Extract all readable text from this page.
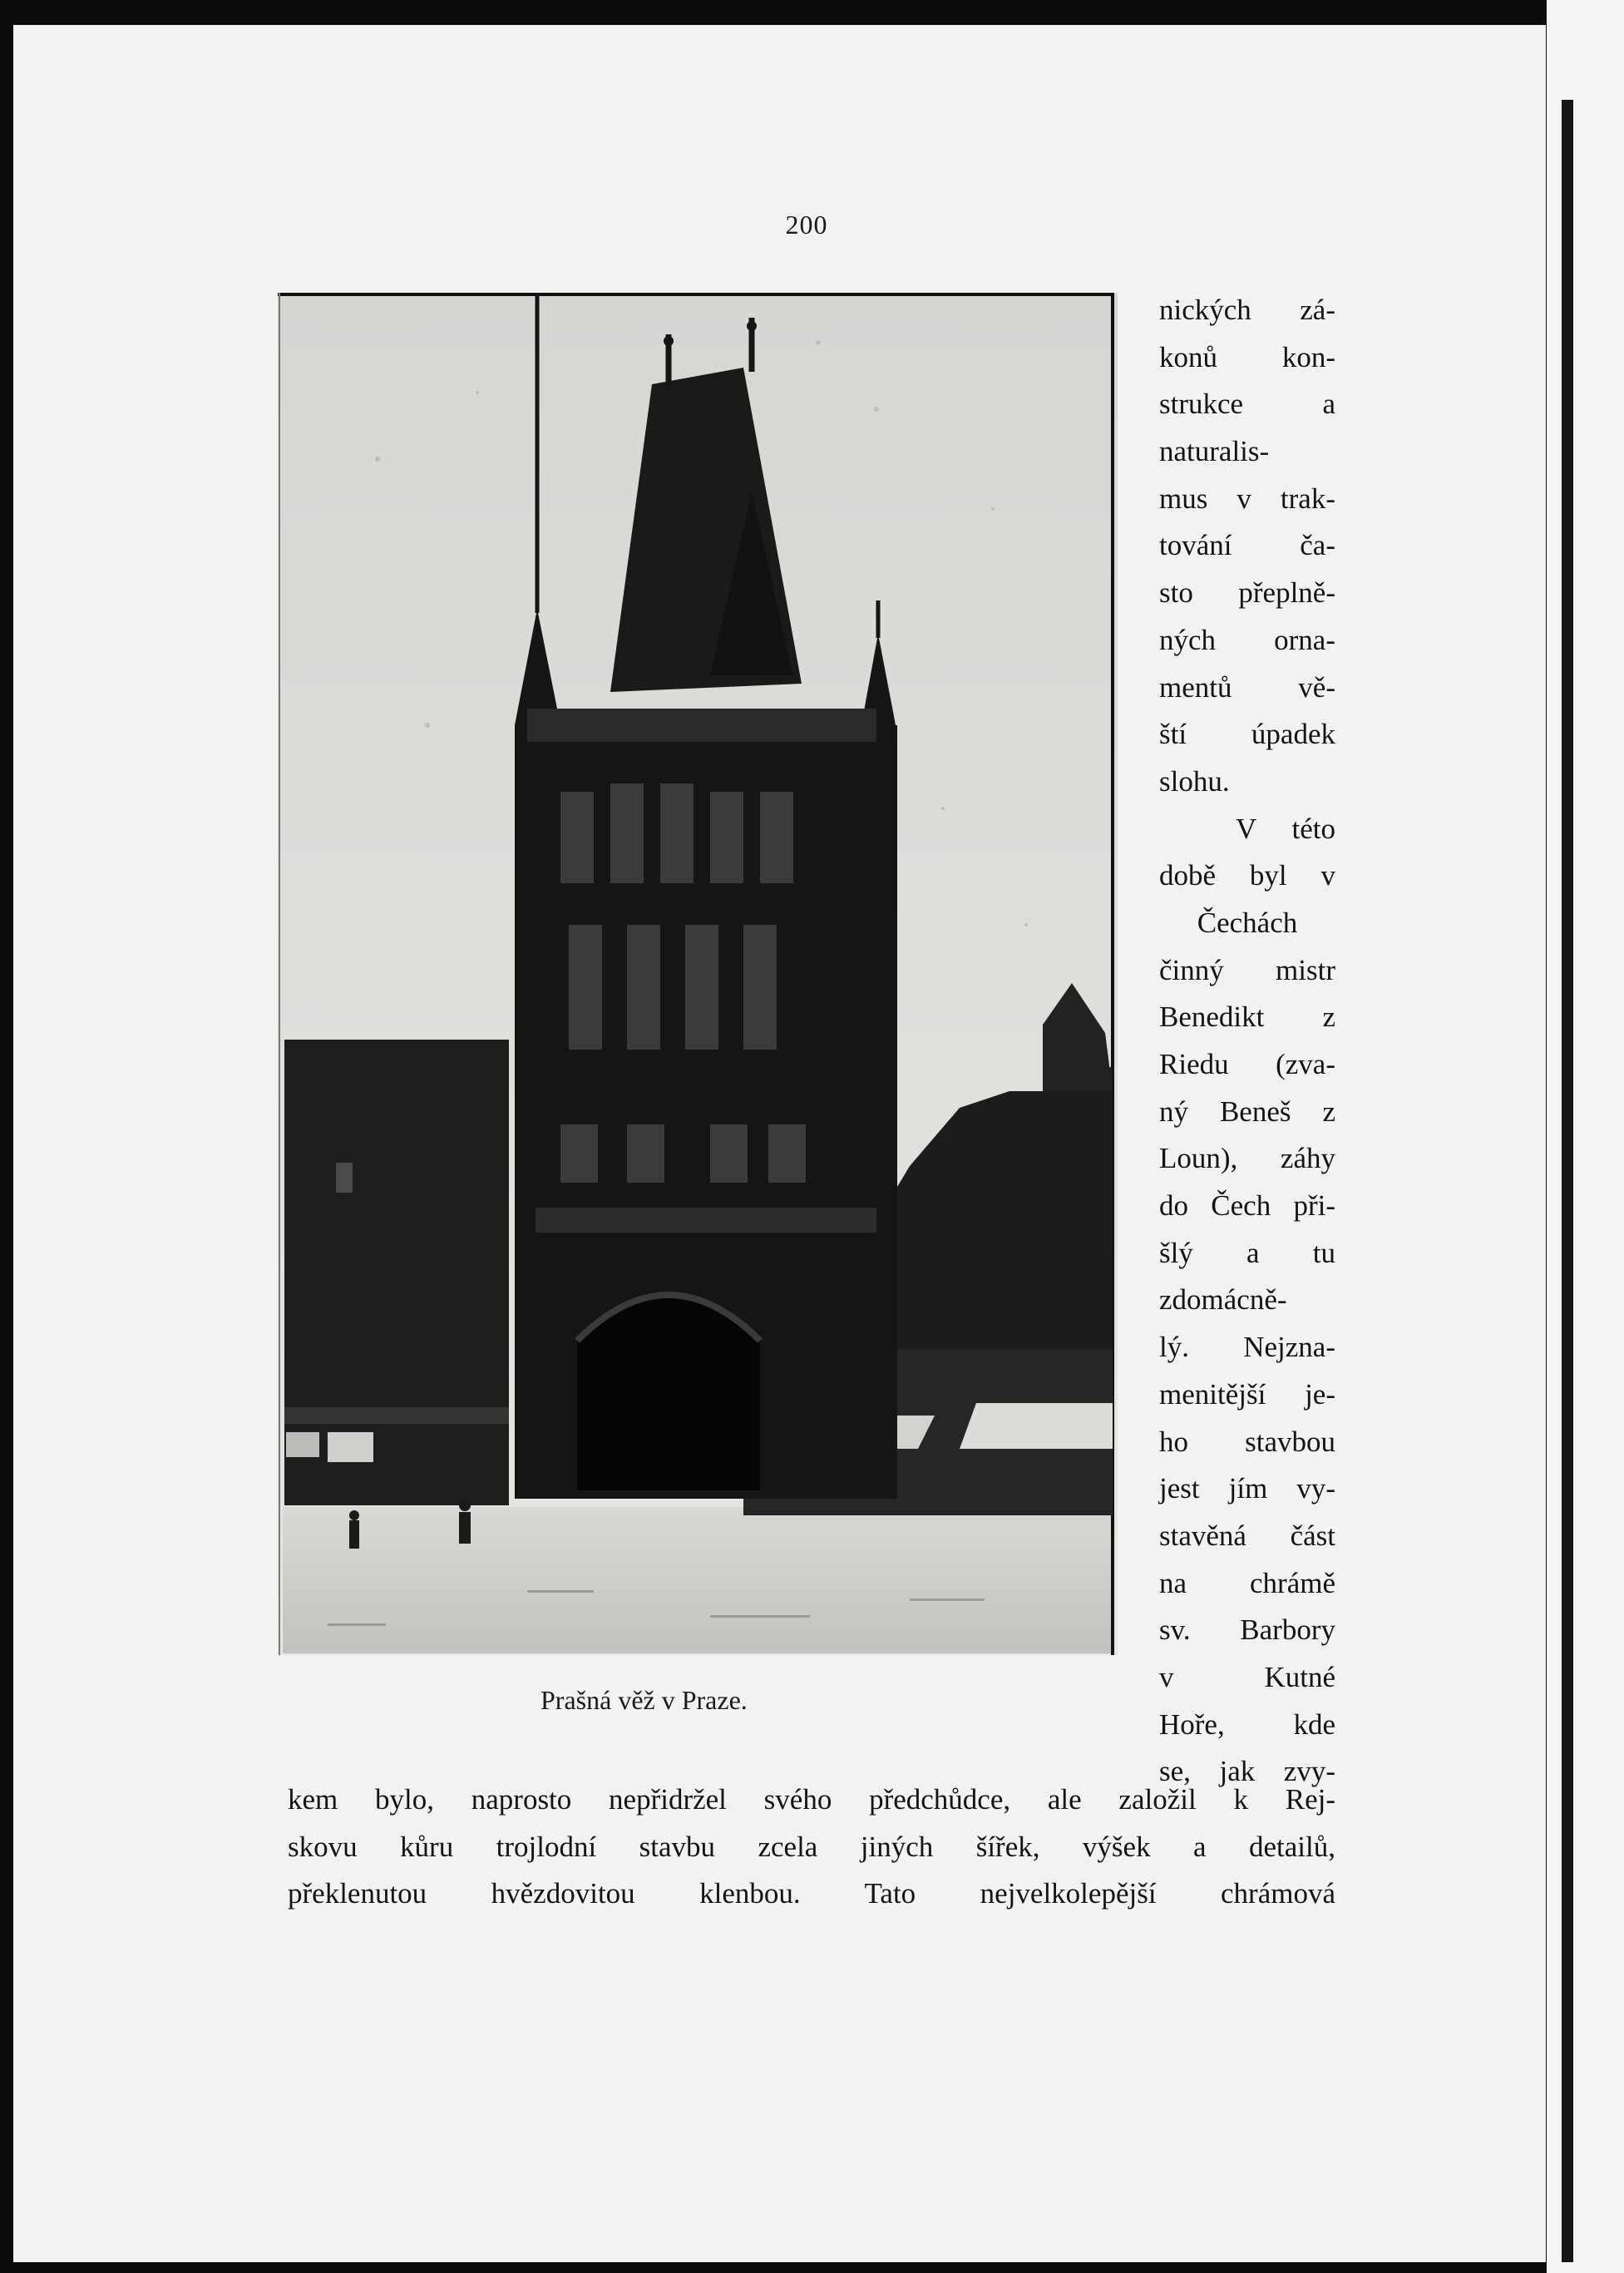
200
Prašná věž v Praze.
nických zá-
konů kon-
strukce a
naturalis-
mus v trak-
tování ča-
sto přeplně-
ných orna-
mentů vě-
ští úpadek
slohu.
V této
době byl v
Čechách
činný mistr
Benedikt z
Riedu (zva-
ný Beneš z
Loun), záhy
do Čech při-
šlý a tu
zdomácně-
lý. Nejzna-
menitější je-
ho stavbou
jest jím vy-
stavěná část
na chrámě
sv. Barbory
v Kutné
Hoře, kde
se, jak zvy-
kem bylo, naprosto nepřidržel svého předchůdce, ale založil k Rej-
skovu kůru trojlodní stavbu zcela jiných šířek, výšek a detailů,
překlenutou hvězdovitou klenbou. Tato nejvelkolepější chrámová
